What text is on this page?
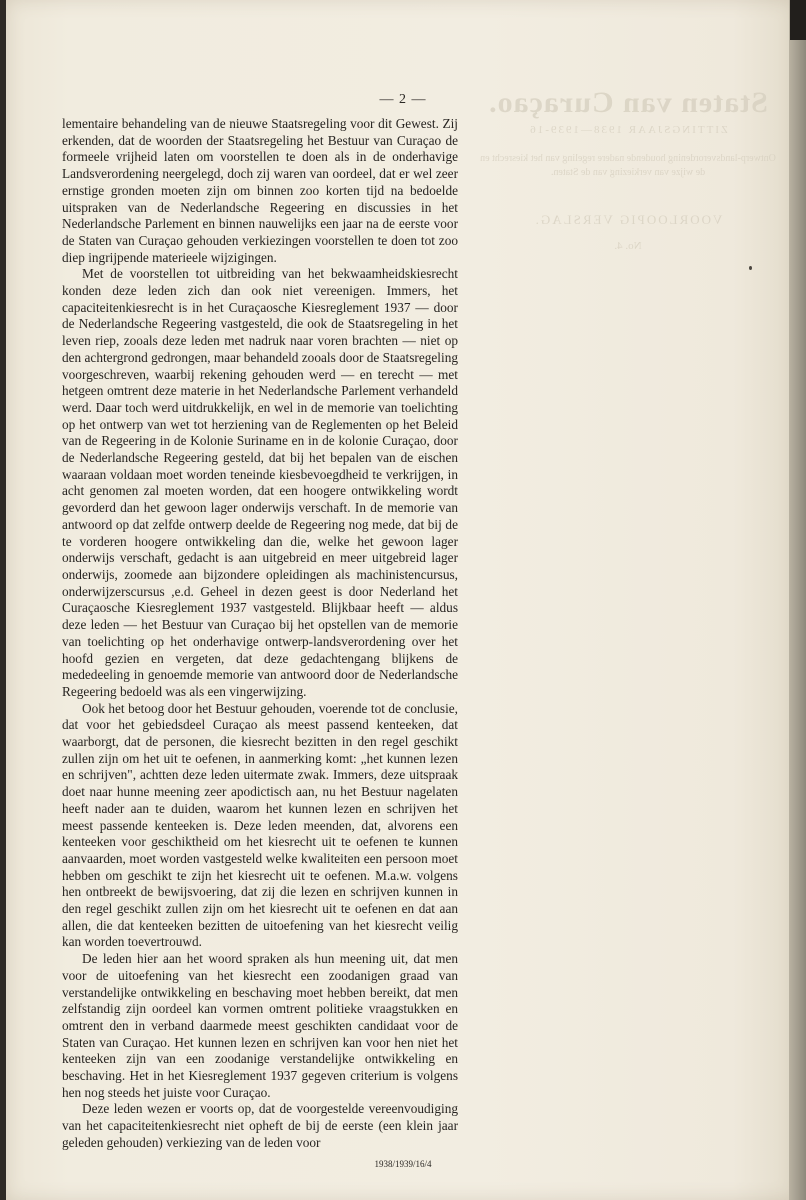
Staten van Curaçao.
ZITTINGSJAAR 1938—1939-16
Ontwerp-landsverordening houdende nadere regeling van het kiesrecht en de wijze van verkiezing van de Staten.
VOORLOOPIG VERSLAG.
No. 4.
— 2 —

lementaire behandeling van de nieuwe Staatsregeling voor dit Gewest. Zij erkenden, dat de woorden der Staatsregeling het Bestuur van Curaçao de formeele vrijheid laten om voorstellen te doen als in de onderhavige Landsverordening neergelegd, doch zij waren van oordeel, dat er wel zeer ernstige gronden moeten zijn om binnen zoo korten tijd na bedoelde uitspraken van de Nederlandsche Regeering en discussies in het Nederlandsche Parlement en binnen nauwelijks een jaar na de eerste voor de Staten van Curaçao gehouden verkiezingen voorstellen te doen tot zoo diep ingrijpende materieele wijzigingen.

Met de voorstellen tot uitbreiding van het bekwaamheidskiesrecht konden deze leden zich dan ook niet vereenigen. Immers, het capaciteitenkiesrecht is in het Curaçaosche Kiesreglement 1937 — door de Nederlandsche Regeering vastgesteld, die ook de Staatsregeling in het leven riep, zooals deze leden met nadruk naar voren brachten — niet op den achtergrond gedrongen, maar behandeld zooals door de Staatsregeling voorgeschreven, waarbij rekening gehouden werd — en terecht — met hetgeen omtrent deze materie in het Nederlandsche Parlement verhandeld werd. Daar toch werd uitdrukkelijk, en wel in de memorie van toelichting op het ontwerp van wet tot herziening van de Reglementen op het Beleid van de Regeering in de Kolonie Suriname en in de kolonie Curaçao, door de Nederlandsche Regeering gesteld, dat bij het bepalen van de eischen waaraan voldaan moet worden teneinde kiesbevoegdheid te verkrijgen, in acht genomen zal moeten worden, dat een hoogere ontwikkeling wordt gevorderd dan het gewoon lager onderwijs verschaft. In de memorie van antwoord op dat zelfde ontwerp deelde de Regeering nog mede, dat bij de te vorderen hoogere ontwikkeling dan die, welke het gewoon lager onderwijs verschaft, gedacht is aan uitgebreid en meer uitgebreid lager onderwijs, zoomede aan bijzondere opleidingen als machinistencursus, onderwijzerscursus ,e.d. Geheel in dezen geest is door Nederland het Curaçaosche Kiesreglement 1937 vastgesteld. Blijkbaar heeft — aldus deze leden — het Bestuur van Curaçao bij het opstellen van de memorie van toelichting op het onderhavige ontwerp-landsverordening over het hoofd gezien en vergeten, dat deze gedachtengang blijkens de mededeeling in genoemde memorie van antwoord door de Nederlandsche Regeering bedoeld was als een vingerwijzing.

Ook het betoog door het Bestuur gehouden, voerende tot de conclusie, dat voor het gebiedsdeel Curaçao als meest passend kenteeken, dat waarborgt, dat de personen, die kiesrecht bezitten in den regel geschikt zullen zijn om het uit te oefenen, in aanmerking komt: „het kunnen lezen en schrijven", achtten deze leden uitermate zwak. Immers, deze uitspraak doet naar hunne meening zeer apodictisch aan, nu het Bestuur nagelaten heeft nader aan te duiden, waarom het kunnen lezen en schrijven het meest passende kenteeken is. Deze leden meenden, dat, alvorens een kenteeken voor geschiktheid om het kiesrecht uit te oefenen te kunnen aanvaarden, moet worden vastgesteld welke kwaliteiten een persoon moet hebben om geschikt te zijn het kiesrecht uit te oefenen. M.a.w. volgens hen ontbreekt de bewijsvoering, dat zij die lezen en schrijven kunnen in den regel geschikt zullen zijn om het kiesrecht uit te oefenen en dat aan allen, die dat kenteeken bezitten de uitoefening van het kiesrecht veilig kan worden toevertrouwd.

De leden hier aan het woord spraken als hun meening uit, dat men voor de uitoefening van het kiesrecht een zoodanigen graad van verstandelijke ontwikkeling en beschaving moet hebben bereikt, dat men zelfstandig zijn oordeel kan vormen omtrent politieke vraagstukken en omtrent den in verband daarmede meest geschikten candidaat voor de Staten van Curaçao. Het kunnen lezen en schrijven kan voor hen niet het kenteeken zijn van een zoodanige verstandelijke ontwikkeling en beschaving. Het in het Kiesreglement 1937 gegeven criterium is volgens hen nog steeds het juiste voor Curaçao.

Deze leden wezen er voorts op, dat de voorgestelde vereenvoudiging van het capaciteitenkiesrecht niet opheft de bij de eerste (een klein jaar geleden gehouden) verkiezing van de leden voor

1938/1939/16/4
